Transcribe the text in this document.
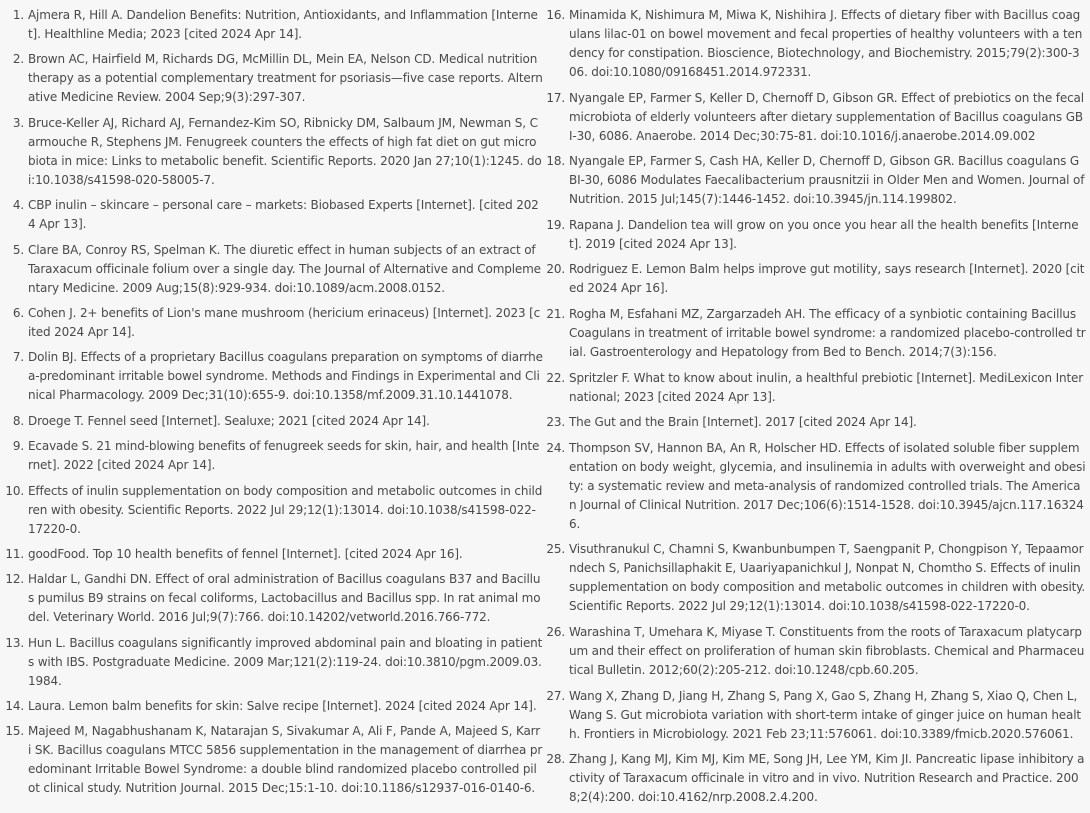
1. Ajmera R, Hill A. Dandelion Benefits: Nutrition, Antioxidants, and Inflammation [Internet]. Healthline Media; 2023 [cited 2024 Apr 14].
2. Brown AC, Hairfield M, Richards DG, McMillin DL, Mein EA, Nelson CD. Medical nutrition therapy as a potential complementary treatment for psoriasis—five case reports. Alternative Medicine Review. 2004 Sep;9(3):297-307.
3. Bruce-Keller AJ, Richard AJ, Fernandez-Kim SO, Ribnicky DM, Salbaum JM, Newman S, Carmouche R, Stephens JM. Fenugreek counters the effects of high fat diet on gut microbiota in mice: Links to metabolic benefit. Scientific Reports. 2020 Jan 27;10(1):1245. doi:10.1038/s41598-020-58005-7.
4. CBP inulin – skincare – personal care – markets: Biobased Experts [Internet]. [cited 2024 Apr 13].
5. Clare BA, Conroy RS, Spelman K. The diuretic effect in human subjects of an extract of Taraxacum officinale folium over a single day. The Journal of Alternative and Complementary Medicine. 2009 Aug;15(8):929-934. doi:10.1089/acm.2008.0152.
6. Cohen J. 2+ benefits of Lion's mane mushroom (hericium erinaceus) [Internet]. 2023 [cited 2024 Apr 14].
7. Dolin BJ. Effects of a proprietary Bacillus coagulans preparation on symptoms of diarrhea-predominant irritable bowel syndrome. Methods and Findings in Experimental and Clinical Pharmacology. 2009 Dec;31(10):655-9. doi:10.1358/mf.2009.31.10.1441078.
8. Droege T. Fennel seed [Internet]. Sealuxe; 2021 [cited 2024 Apr 14].
9. Ecavade S. 21 mind-blowing benefits of fenugreek seeds for skin, hair, and health [Internet]. 2022 [cited 2024 Apr 14].
10. Effects of inulin supplementation on body composition and metabolic outcomes in children with obesity. Scientific Reports. 2022 Jul 29;12(1):13014. doi:10.1038/s41598-022-17220-0.
11. goodFood. Top 10 health benefits of fennel [Internet]. [cited 2024 Apr 16].
12. Haldar L, Gandhi DN. Effect of oral administration of Bacillus coagulans B37 and Bacillus pumilus B9 strains on fecal coliforms, Lactobacillus and Bacillus spp. In rat animal model. Veterinary World. 2016 Jul;9(7):766. doi:10.14202/vetworld.2016.766-772.
13. Hun L. Bacillus coagulans significantly improved abdominal pain and bloating in patients with IBS. Postgraduate Medicine. 2009 Mar;121(2):119-24. doi:10.3810/pgm.2009.03.1984.
14. Laura. Lemon balm benefits for skin: Salve recipe [Internet]. 2024 [cited 2024 Apr 14].
15. Majeed M, Nagabhushanam K, Natarajan S, Sivakumar A, Ali F, Pande A, Majeed S, Karri SK. Bacillus coagulans MTCC 5856 supplementation in the management of diarrhea predominant Irritable Bowel Syndrome: a double blind randomized placebo controlled pilot clinical study. Nutrition Journal. 2015 Dec;15:1-10. doi:10.1186/s12937-016-0140-6.
16. Minamida K, Nishimura M, Miwa K, Nishihira J. Effects of dietary fiber with Bacillus coagulans lilac-01 on bowel movement and fecal properties of healthy volunteers with a tendency for constipation. Bioscience, Biotechnology, and Biochemistry. 2015;79(2):300-306. doi:10.1080/09168451.2014.972331.
17. Nyangale EP, Farmer S, Keller D, Chernoff D, Gibson GR. Effect of prebiotics on the fecal microbiota of elderly volunteers after dietary supplementation of Bacillus coagulans GBI-30, 6086. Anaerobe. 2014 Dec;30:75-81. doi:10.1016/j.anaerobe.2014.09.002
18. Nyangale EP, Farmer S, Cash HA, Keller D, Chernoff D, Gibson GR. Bacillus coagulans GBI-30, 6086 Modulates Faecalibacterium prausnitzii in Older Men and Women. Journal of Nutrition. 2015 Jul;145(7):1446-1452. doi:10.3945/jn.114.199802.
19. Rapana J. Dandelion tea will grow on you once you hear all the health benefits [Internet]. 2019 [cited 2024 Apr 13].
20. Rodriguez E. Lemon Balm helps improve gut motility, says research [Internet]. 2020 [cited 2024 Apr 16].
21. Rogha M, Esfahani MZ, Zargarzadeh AH. The efficacy of a synbiotic containing Bacillus Coagulans in treatment of irritable bowel syndrome: a randomized placebo-controlled trial. Gastroenterology and Hepatology from Bed to Bench. 2014;7(3):156.
22. Spritzler F. What to know about inulin, a healthful prebiotic [Internet]. MediLexicon International; 2023 [cited 2024 Apr 13].
23. The Gut and the Brain [Internet]. 2017 [cited 2024 Apr 14].
24. Thompson SV, Hannon BA, An R, Holscher HD. Effects of isolated soluble fiber supplementation on body weight, glycemia, and insulinemia in adults with overweight and obesity: a systematic review and meta-analysis of randomized controlled trials. The American Journal of Clinical Nutrition. 2017 Dec;106(6):1514-1528. doi:10.3945/ajcn.117.163246.
25. Visuthranukul C, Chamni S, Kwanbunbumpen T, Saengpanit P, Chongpison Y, Tepaamorndech S, Panichsillaphakit E, Uaariyapanichkul J, Nonpat N, Chomtho S. Effects of inulin supplementation on body composition and metabolic outcomes in children with obesity. Scientific Reports. 2022 Jul 29;12(1):13014. doi:10.1038/s41598-022-17220-0.
26. Warashina T, Umehara K, Miyase T. Constituents from the roots of Taraxacum platycarpum and their effect on proliferation of human skin fibroblasts. Chemical and Pharmaceutical Bulletin. 2012;60(2):205-212. doi:10.1248/cpb.60.205.
27. Wang X, Zhang D, Jiang H, Zhang S, Pang X, Gao S, Zhang H, Zhang S, Xiao Q, Chen L, Wang S. Gut microbiota variation with short-term intake of ginger juice on human health. Frontiers in Microbiology. 2021 Feb 23;11:576061. doi:10.3389/fmicb.2020.576061.
28. Zhang J, Kang MJ, Kim MJ, Kim ME, Song JH, Lee YM, Kim JI. Pancreatic lipase inhibitory activity of Taraxacum officinale in vitro and in vivo. Nutrition Research and Practice. 2008;2(4):200. doi:10.4162/nrp.2008.2.4.200.
